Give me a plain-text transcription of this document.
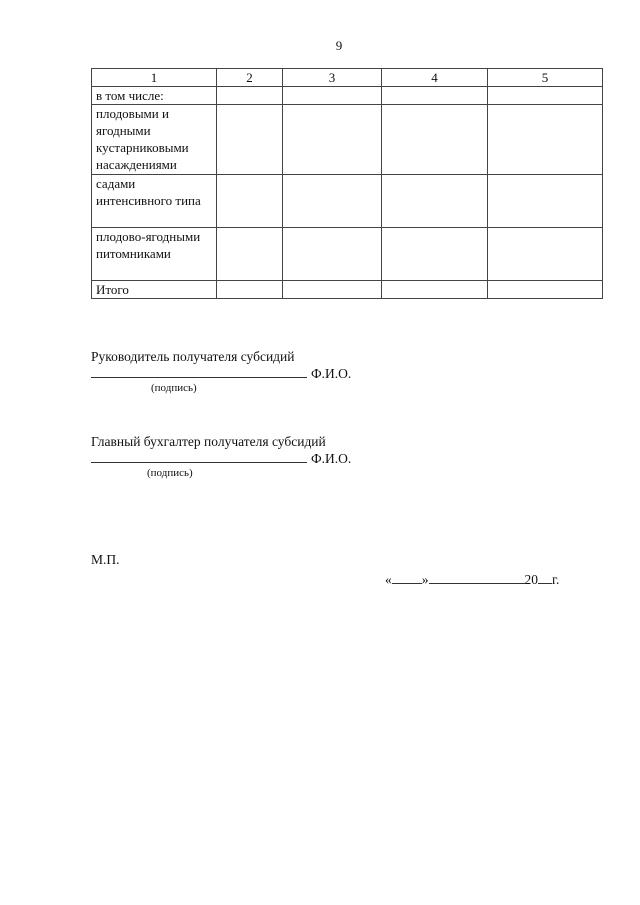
9
1	2	3	4	5
в том числе:				
плодовыми и ягодными кустарниковыми насаждениями				
садами интенсивного типа				
плодово-ягодными питомниками				
Итого				
Руководитель получателя субсидий
Ф.И.О.
(подпись)
Главный бухгалтер получателя субсидий
Ф.И.О.
(подпись)
М.П.
« »	20 г.
